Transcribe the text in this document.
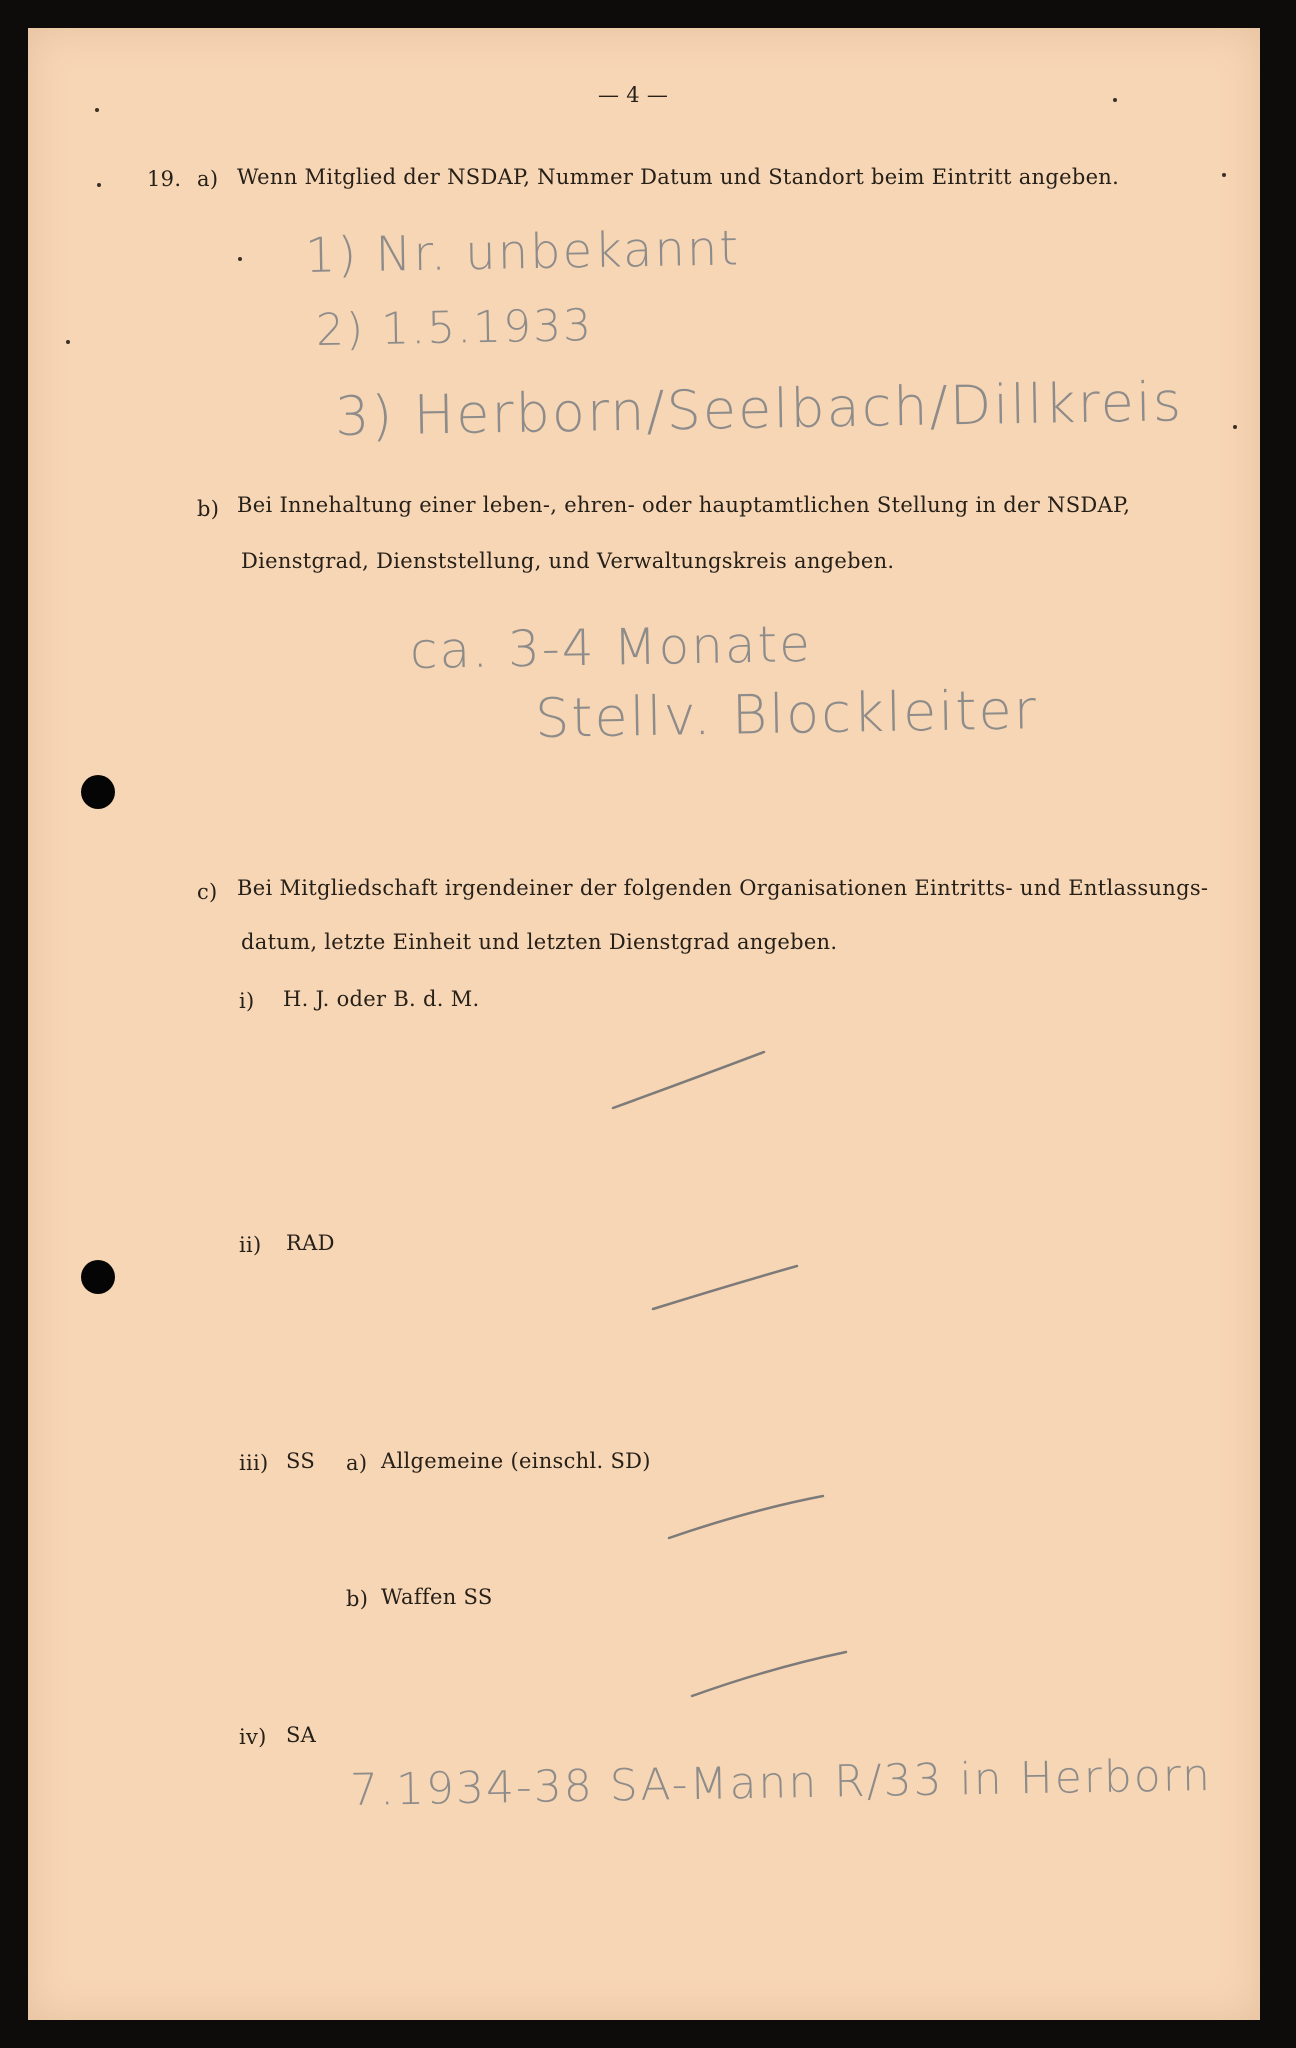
— 4 —
19. a) Wenn Mitglied der NSDAP, Nummer Datum und Standort beim Eintritt angeben.
1) Nr. unbekannt
2) 1.5.1933
3) Herborn/Seelbach/Dillkreis
b) Bei Innehaltung einer leben-, ehren- oder hauptamtlichen Stellung in der NSDAP,
Dienstgrad, Dienststellung, und Verwaltungskreis angeben.
ca. 3-4 Monate
Stellv. Blockleiter
c) Bei Mitgliedschaft irgendeiner der folgenden Organisationen Eintritts- und Entlassungs-
datum, letzte Einheit und letzten Dienstgrad angeben.
i) H. J. oder B. d. M.
ii) RAD
iii) SS a) Allgemeine (einschl. SD)
b) Waffen SS
iv) SA
7.1934-38 SA-Mann R/33 in Herborn
